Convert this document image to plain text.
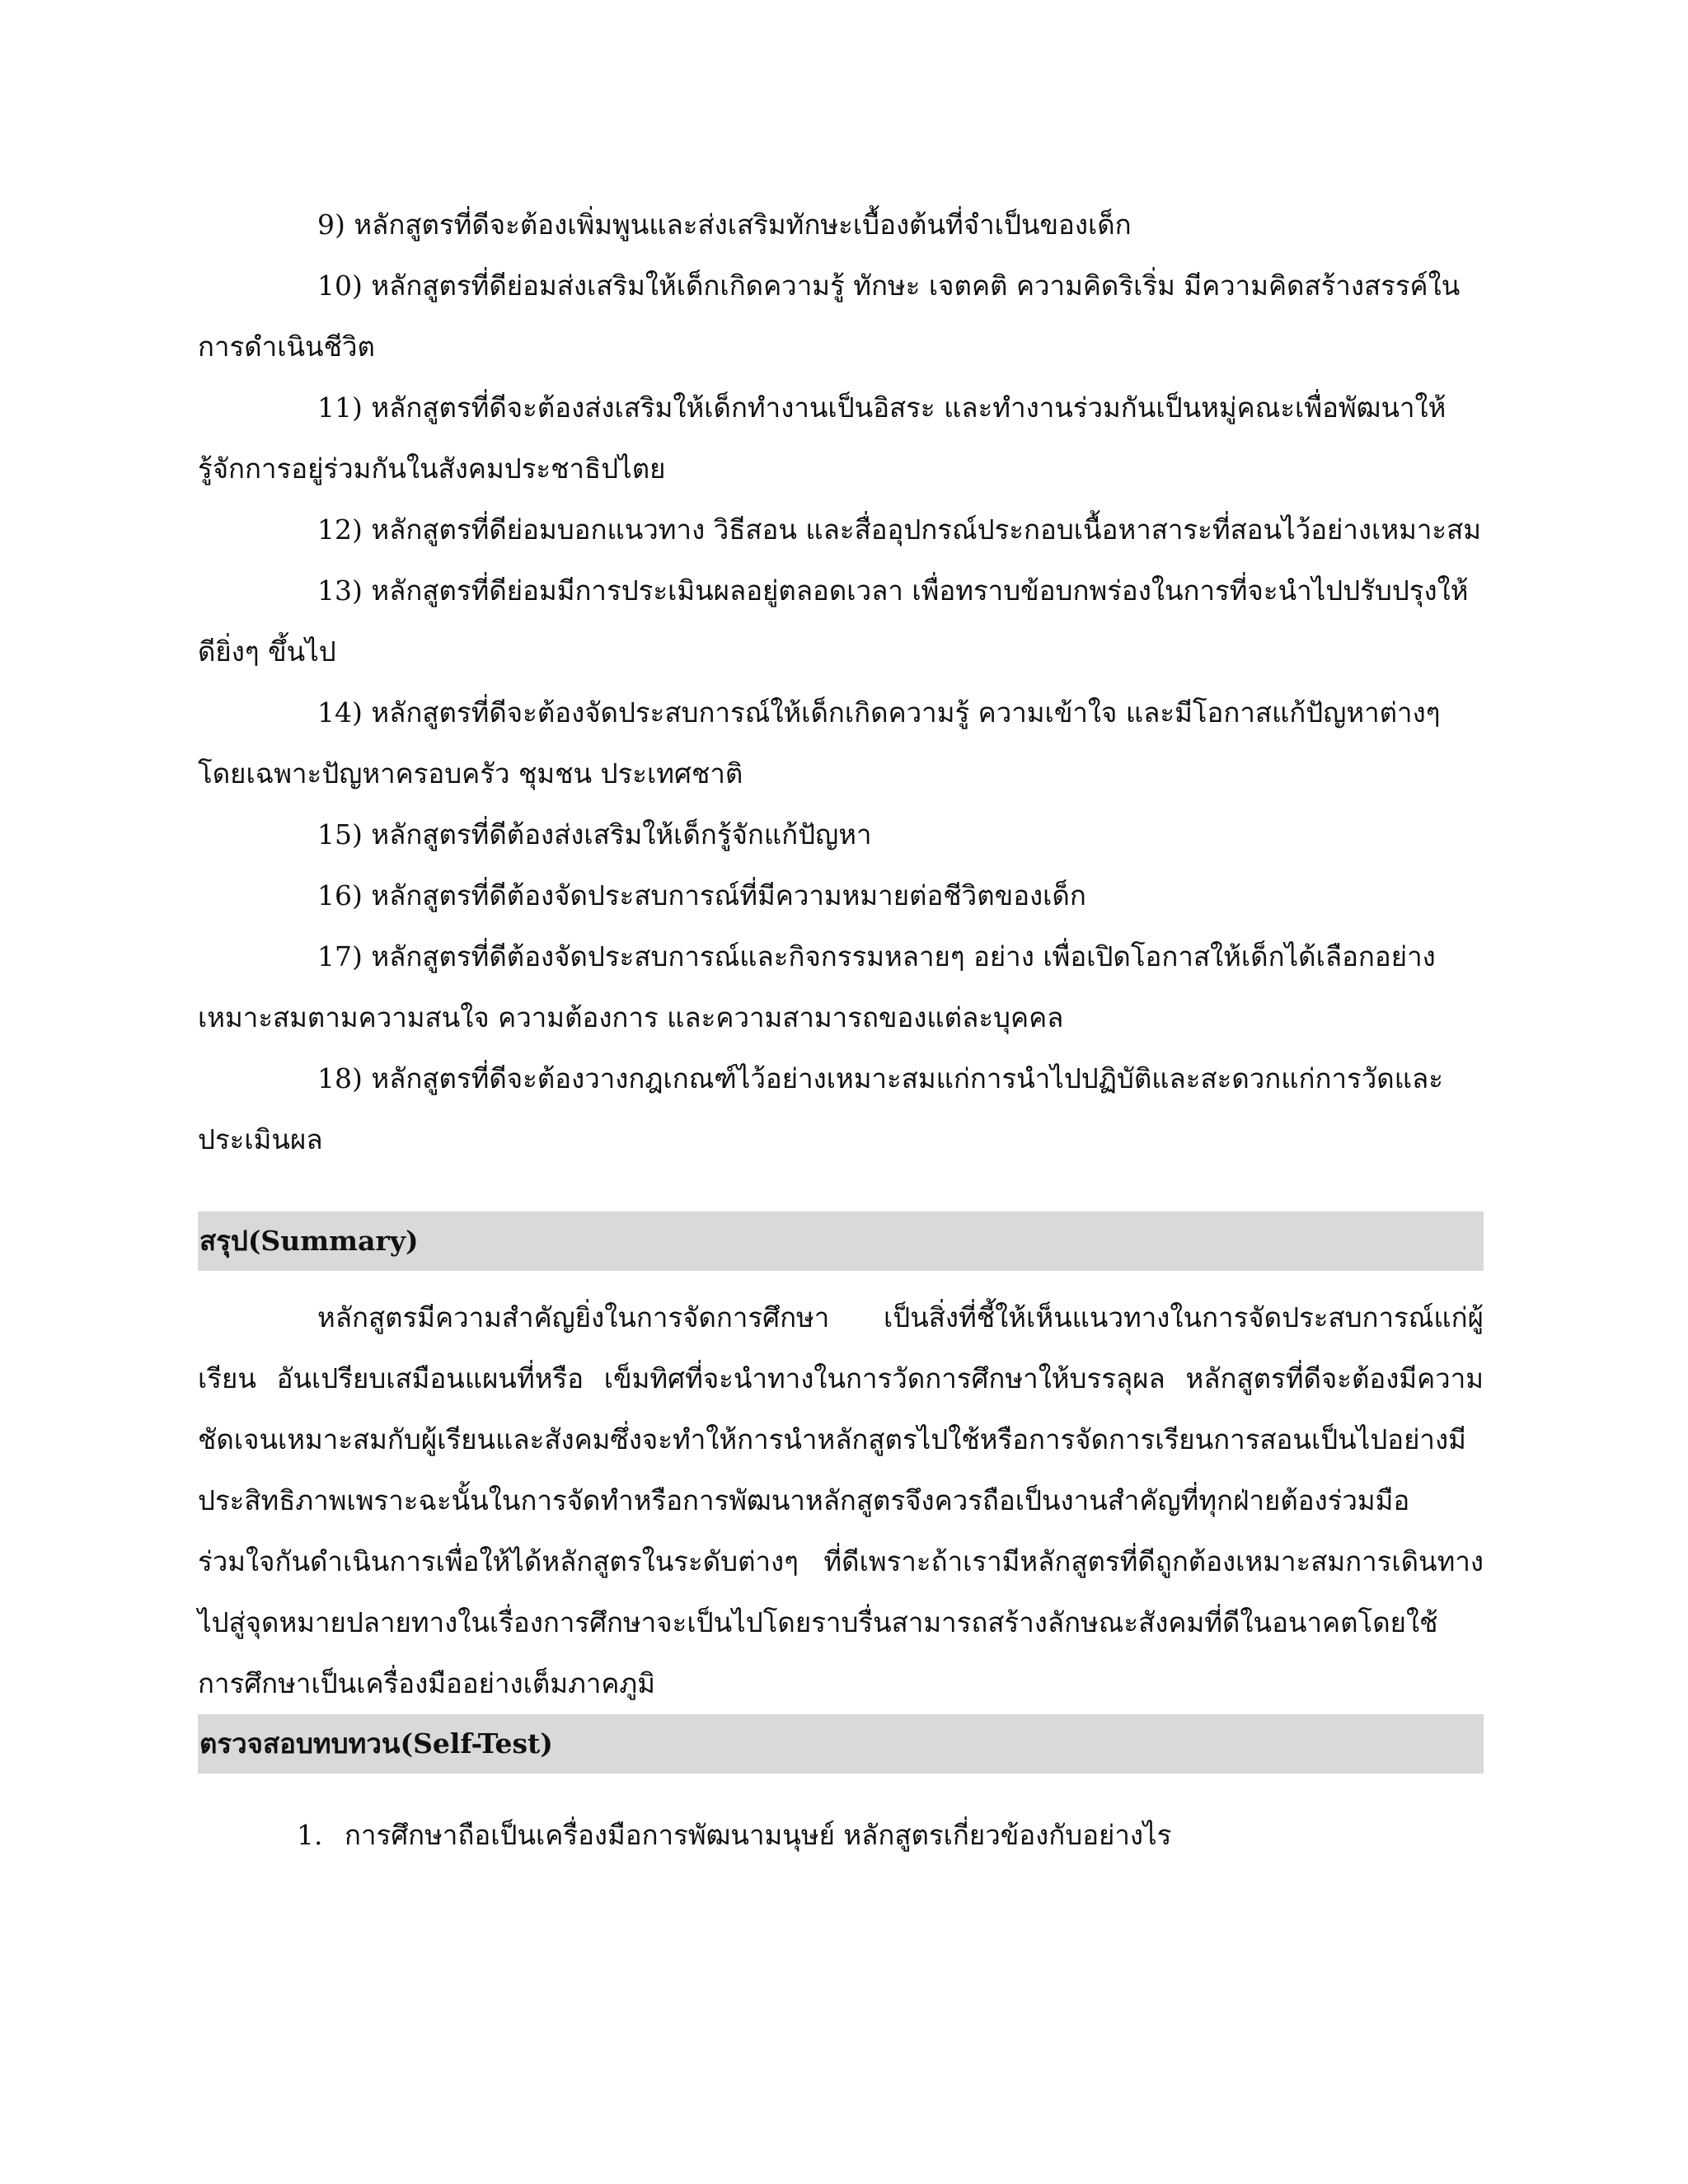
9) หลักสูตรที่ดีจะต้องเพิ่มพูนและส่งเสริมทักษะเบื้องต้นที่จำเป็นของเด็ก

10) หลักสูตรที่ดีย่อมส่งเสริมให้เด็กเกิดความรู้ ทักษะ เจตคติ ความคิดริเริ่ม มีความคิดสร้างสรรค์ในการดำเนินชีวิต

11) หลักสูตรที่ดีจะต้องส่งเสริมให้เด็กทำงานเป็นอิสระ และทำงานร่วมกันเป็นหมู่คณะเพื่อพัฒนาให้รู้จักการอยู่ร่วมกันในสังคมประชาธิปไตย

12) หลักสูตรที่ดีย่อมบอกแนวทาง วิธีสอน และสื่ออุปกรณ์ประกอบเนื้อหาสาระที่สอนไว้อย่างเหมาะสม

13) หลักสูตรที่ดีย่อมมีการประเมินผลอยู่ตลอดเวลา เพื่อทราบข้อบกพร่องในการที่จะนำไปปรับปรุงให้ดียิ่งๆ ขึ้นไป

14) หลักสูตรที่ดีจะต้องจัดประสบการณ์ให้เด็กเกิดความรู้ ความเข้าใจ และมีโอกาสแก้ปัญหาต่างๆ โดยเฉพาะปัญหาครอบครัว ชุมชน ประเทศชาติ

15) หลักสูตรที่ดีต้องส่งเสริมให้เด็กรู้จักแก้ปัญหา

16) หลักสูตรที่ดีต้องจัดประสบการณ์ที่มีความหมายต่อชีวิตของเด็ก

17) หลักสูตรที่ดีต้องจัดประสบการณ์และกิจกรรมหลายๆ อย่าง เพื่อเปิดโอกาสให้เด็กได้เลือกอย่างเหมาะสมตามความสนใจ ความต้องการ และความสามารถของแต่ละบุคคล

18) หลักสูตรที่ดีจะต้องวางกฎเกณฑ์ไว้อย่างเหมาะสมแก่การนำไปปฏิบัติและสะดวกแก่การวัดและประเมินผล

สรุป(Summary)

หลักสูตรมีความสำคัญยิ่งในการจัดการศึกษา เป็นสิ่งที่ชี้ให้เห็นแนวทางในการจัดประสบการณ์แก่ผู้เรียน อันเปรียบเสมือนแผนที่หรือ เข็มทิศที่จะนำทางในการวัดการศึกษาให้บรรลุผล หลักสูตรที่ดีจะต้องมีความชัดเจนเหมาะสมกับผู้เรียนและสังคมซึ่งจะทำให้การนำหลักสูตรไปใช้หรือการจัดการเรียนการสอนเป็นไปอย่างมีประสิทธิภาพเพราะฉะนั้นในการจัดทำหรือการพัฒนาหลักสูตรจึงควรถือเป็นงานสำคัญที่ทุกฝ่ายต้องร่วมมือร่วมใจกันดำเนินการเพื่อให้ได้หลักสูตรในระดับต่างๆ ที่ดีเพราะถ้าเรามีหลักสูตรที่ดีถูกต้องเหมาะสมการเดินทางไปสู่จุดหมายปลายทางในเรื่องการศึกษาจะเป็นไปโดยราบรื่นสามารถสร้างลักษณะสังคมที่ดีในอนาคตโดยใช้การศึกษาเป็นเครื่องมืออย่างเต็มภาคภูมิ

ตรวจสอบทบทวน(Self-Test)
1. การศึกษาถือเป็นเครื่องมือการพัฒนามนุษย์ หลักสูตรเกี่ยวข้องกับอย่างไร
